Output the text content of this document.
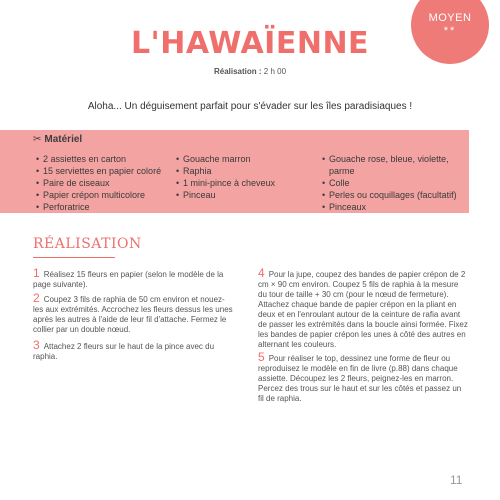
MOYEN
**
L'HAWAÏENNE
Réalisation : 2 h 00
Aloha... Un déguisement parfait pour s'évader sur les îles paradisiaques !
✂ Matériel
• 2 assiettes en carton
• 15 serviettes en papier coloré
• Paire de ciseaux
• Papier crépon multicolore
• Perforatrice
• Gouache marron
• Raphia
• 1 mini-pince à cheveux
• Pinceau
• Gouache rose, bleue, violette, parme
• Colle
• Perles ou coquillages (facultatif)
• Pinceaux
RÉALISATION
1 Réalisez 15 fleurs en papier (selon le modèle de la page suivante).
2 Coupez 3 fils de raphia de 50 cm environ et nouez-les aux extrémités. Accrochez les fleurs dessus les unes après les autres à l'aide de leur fil d'attache. Fermez le collier par un double nœud.
3 Attachez 2 fleurs sur le haut de la pince avec du raphia.
4 Pour la jupe, coupez des bandes de papier crépon de 2 cm × 90 cm environ. Coupez 5 fils de raphia à la mesure du tour de taille + 30 cm (pour le nœud de fermeture). Attachez chaque bande de papier crépon en la pliant en deux et en l'enroulant autour de la ceinture de rafia avant de passer les extrémités dans la boucle ainsi formée. Fixez les bandes de papier crépon les unes à côté des autres en alternant les couleurs.
5 Pour réaliser le top, dessinez une forme de fleur ou reproduisez le modèle en fin de livre (p.88) dans chaque assiette. Découpez les 2 fleurs, peignez-les en marron. Percez des trous sur le haut et sur les côtés et passez un fil de raphia.
11
